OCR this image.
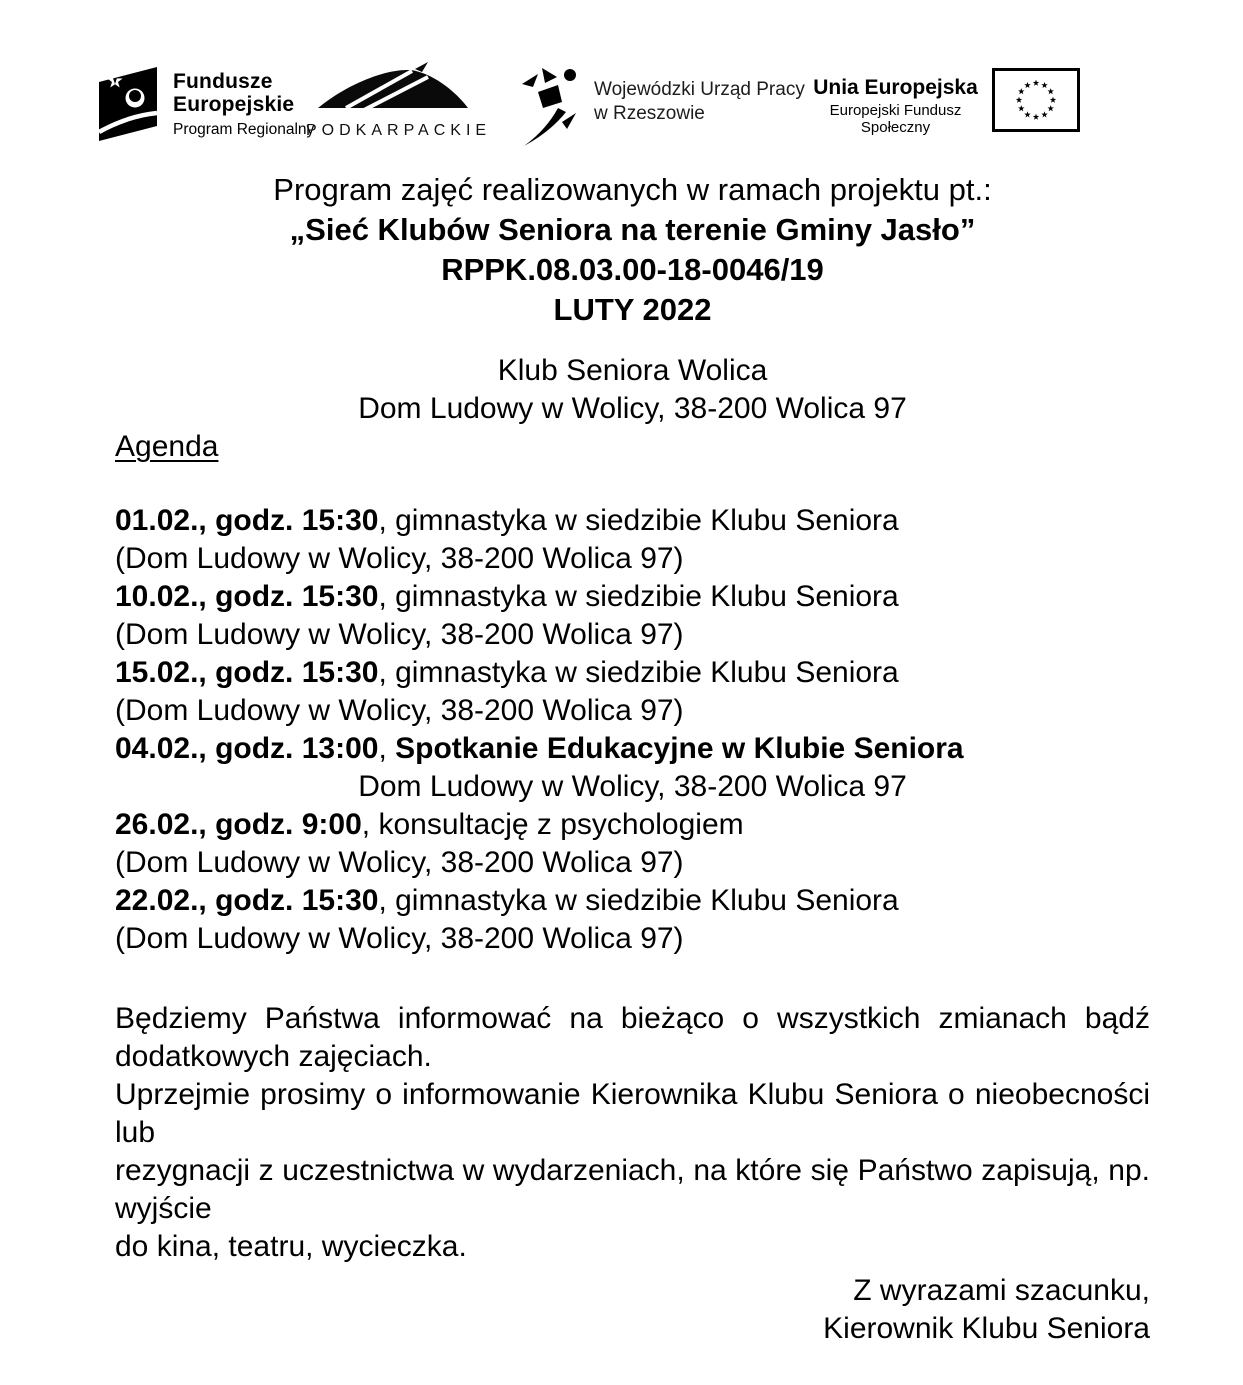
Fundusze
Europejskie
Program Regionalny
PODKARPACKIE
Wojewódzki Urząd Pracy
w Rzeszowie
Unia Europejska
Europejski Fundusz Społeczny
Program zajęć realizowanych w ramach projektu pt.:
„Sieć Klubów Seniora na terenie Gminy Jasło”
RPPK.08.03.00-18-0046/19
LUTY 2022
Klub Seniora Wolica
Dom Ludowy w Wolicy, 38-200 Wolica 97
Agenda
01.02., godz. 15:30, gimnastyka w siedzibie Klubu Seniora
(Dom Ludowy w Wolicy, 38-200 Wolica 97)
10.02., godz. 15:30, gimnastyka w siedzibie Klubu Seniora
(Dom Ludowy w Wolicy, 38-200 Wolica 97)
15.02., godz. 15:30, gimnastyka w siedzibie Klubu Seniora
(Dom Ludowy w Wolicy, 38-200 Wolica 97)
04.02., godz. 13:00, Spotkanie Edukacyjne w Klubie Seniora
Dom Ludowy w Wolicy, 38-200 Wolica 97
26.02., godz. 9:00, konsultację z psychologiem
(Dom Ludowy w Wolicy, 38-200 Wolica 97)
22.02., godz. 15:30, gimnastyka w siedzibie Klubu Seniora
(Dom Ludowy w Wolicy, 38-200 Wolica 97)
Będziemy Państwa informować na bieżąco o wszystkich zmianach bądź
dodatkowych zajęciach.
Uprzejmie prosimy o informowanie Kierownika Klubu Seniora o nieobecności lub
rezygnacji z uczestnictwa w wydarzeniach, na które się Państwo zapisują, np. wyjście
do kina, teatru, wycieczka.
Z wyrazami szacunku,
Kierownik Klubu Seniora
